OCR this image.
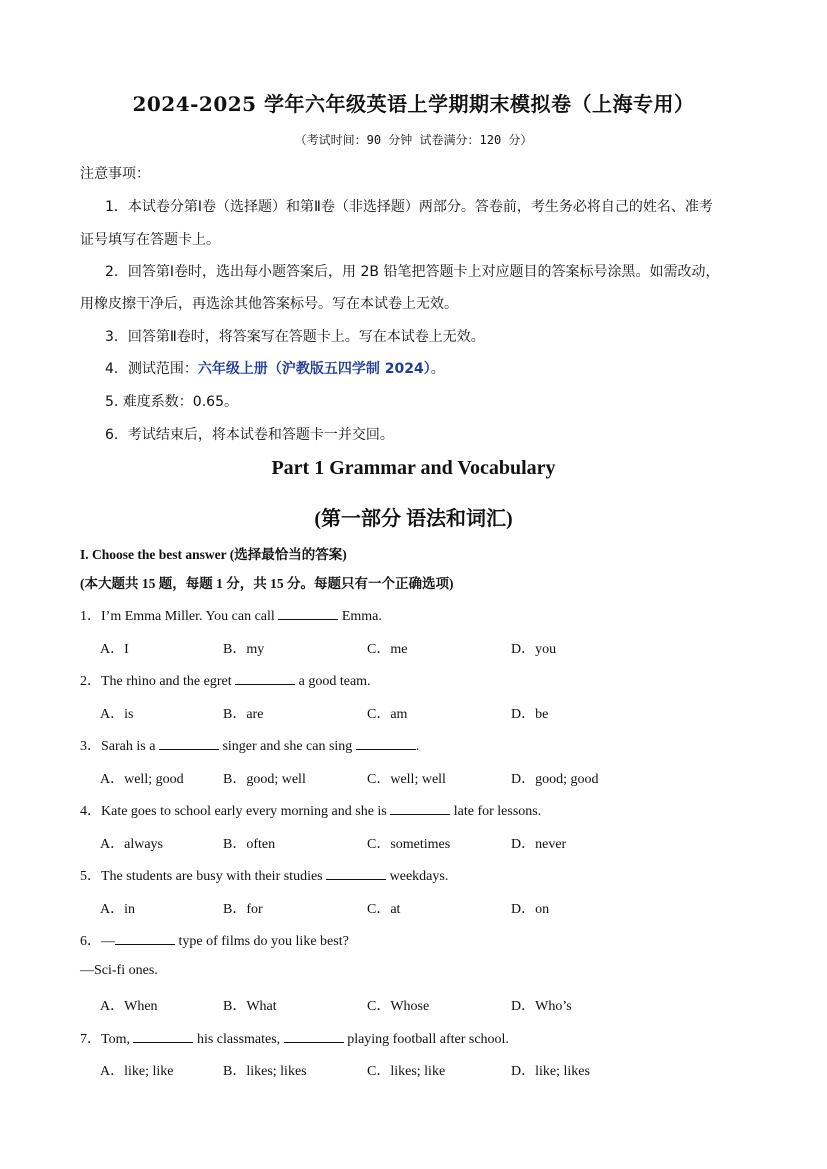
2024-2025 学年六年级英语上学期期末模拟卷（上海专用）
（考试时间：90 分钟 试卷满分：120 分）
注意事项：
1．本试卷分第Ⅰ卷（选择题）和第Ⅱ卷（非选择题）两部分。答卷前，考生务必将自己的姓名、准考
证号填写在答题卡上。
2．回答第Ⅰ卷时，选出每小题答案后，用 2B 铅笔把答题卡上对应题目的答案标号涂黑。如需改动，
用橡皮擦干净后，再选涂其他答案标号。写在本试卷上无效。
3．回答第Ⅱ卷时，将答案写在答题卡上。写在本试卷上无效。
4．测试范围：六年级上册（沪教版五四学制 2024）。
5. 难度系数：0.65。
6．考试结束后，将本试卷和答题卡一并交回。
Part 1 Grammar and Vocabulary
(第一部分 语法和词汇)
I. Choose the best answer (选择最恰当的答案)
(本大题共 15 题，每题 1 分，共 15 分。每题只有一个正确选项)
1．I’m Emma Miller. You can call	Emma.
A．I	B．my	C．me	D．you
2．The rhino and the egret	a good team.
A．is	B．are	C．am	D．be
3．Sarah is a	singer and she can sing	.
A．well; good	B．good; well	C．well; well	D．good; good
4．Kate goes to school early every morning and she is	late for lessons.
A．always	B．often	C．sometimes	D．never
5．The students are busy with their studies	weekdays.
A．in	B．for	C．at	D．on
6．—	type of films do you like best?
—Sci-fi ones.
A．When	B．What	C．Whose	D．Who’s
7．Tom,	his classmates,	playing football after school.
A．like; like	B．likes; likes	C．likes; like	D．like; likes
